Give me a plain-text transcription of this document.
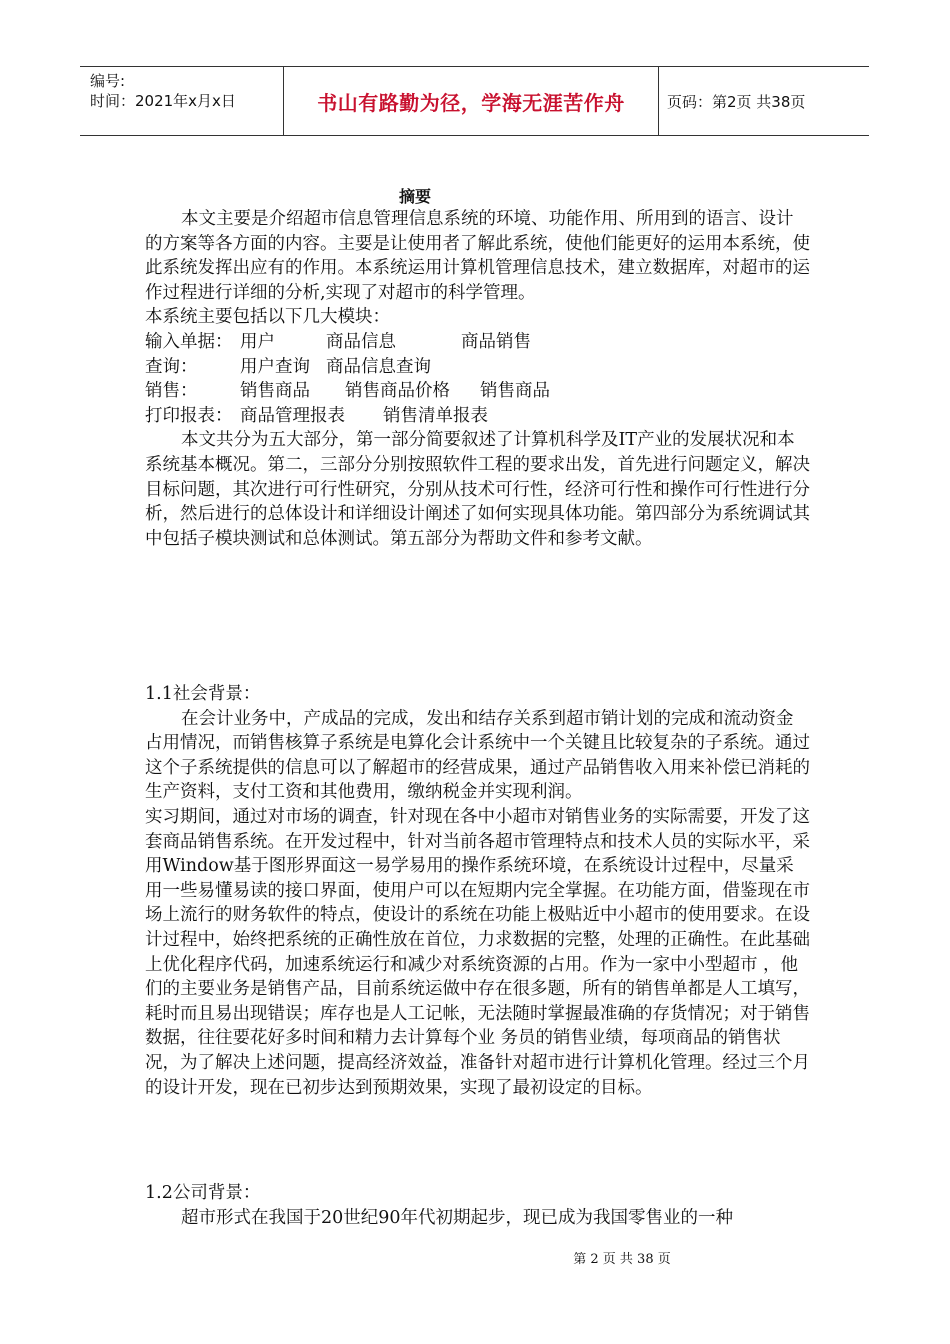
编号:
时间：2021年x月x日	书山有路勤为径，学海无涯苦作舟	页码：第2页 共38页
摘要

本文主要是介绍超市信息管理信息系统的环境、功能作用、所用到的语言、设计的方案等各方面的内容。主要是让使用者了解此系统，使他们能更好的运用本系统，使此系统发挥出应有的作用。本系统运用计算机管理信息技术，建立数据库，对超市的运作过程进行详细的分析,实现了对超市的科学管理。

本系统主要包括以下几大模块：

输入单据： 用户	商品信息	商品销售
查询：	用户查询 商品信息查询
销售：	销售商品	销售商品价格	销售商品
打印报表： 商品管理报表	销售清单报表

本文共分为五大部分，第一部分简要叙述了计算机科学及IT产业的发展状况和本系统基本概况。第二，三部分分别按照软件工程的要求出发，首先进行问题定义，解决目标问题，其次进行可行性研究，分别从技术可行性，经济可行性和操作可行性进行分析，然后进行的总体设计和详细设计阐述了如何实现具体功能。第四部分为系统调试其中包括子模块测试和总体测试。第五部分为帮助文件和参考文献。

1.1社会背景：

在会计业务中，产成品的完成，发出和结存关系到超市销计划的完成和流动资金占用情况，而销售核算子系统是电算化会计系统中一个关键且比较复杂的子系统。通过这个子系统提供的信息可以了解超市的经营成果，通过产品销售收入用来补偿已消耗的生产资料，支付工资和其他费用，缴纳税金并实现利润。

实习期间，通过对市场的调查，针对现在各中小超市对销售业务的实际需要，开发了这套商品销售系统。在开发过程中，针对当前各超市管理特点和技术人员的实际水平，采用Window基于图形界面这一易学易用的操作系统环境，在系统设计过程中，尽量采用一些易懂易读的接口界面，使用户可以在短期内完全掌握。在功能方面，借鉴现在市场上流行的财务软件的特点，使设计的系统在功能上极贴近中小超市的使用要求。在设计过程中，始终把系统的正确性放在首位，力求数据的完整，处理的正确性。在此基础上优化程序代码，加速系统运行和减少对系统资源的占用。作为一家中小型超市 ，他们的主要业务是销售产品，目前系统运做中存在很多题，所有的销售单都是人工填写，耗时而且易出现错误；库存也是人工记帐，无法随时掌握最准确的存货情况；对于销售数据，往往要花好多时间和精力去计算每个业 务员的销售业绩，每项商品的销售状况，为了解决上述问题，提高经济效益，准备针对超市进行计算机化管理。经过三个月的设计开发，现在已初步达到预期效果，实现了最初设定的目标。

1.2公司背景：

超市形式在我国于20世纪90年代初期起步，现已成为我国零售业的一种

第 2 页 共 38 页
